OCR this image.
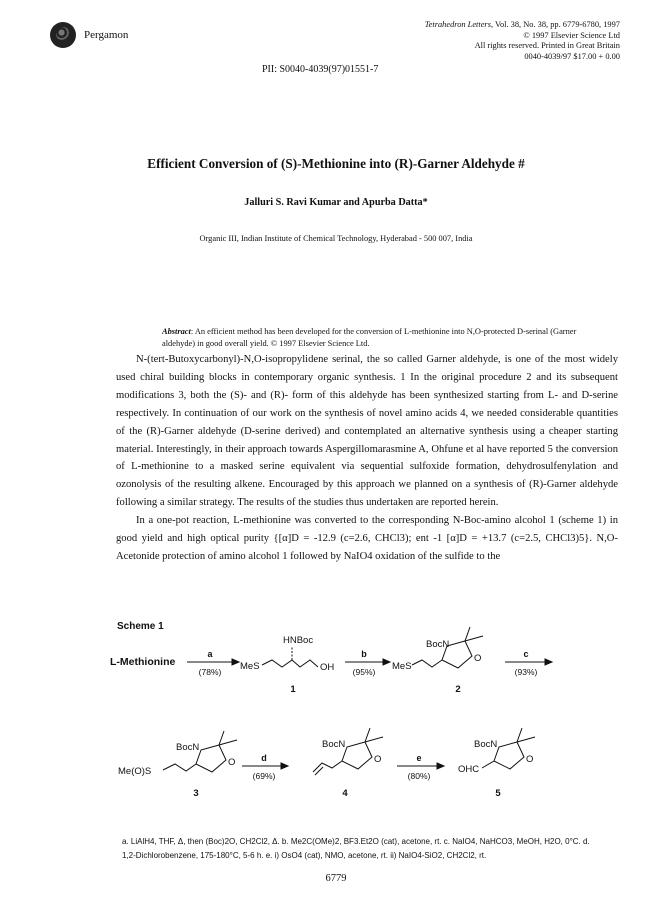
Pergamon
Tetrahedron Letters, Vol. 38, No. 38, pp. 6779-6780, 1997
© 1997 Elsevier Science Ltd
All rights reserved. Printed in Great Britain
0040-4039/97 $17.00 + 0.00
PII: S0040-4039(97)01551-7
Efficient Conversion of (S)-Methionine into (R)-Garner Aldehyde #
Jalluri S. Ravi Kumar and Apurba Datta*
Organic III, Indian Institute of Chemical Technology, Hyderabad - 500 007, India
Abstract: An efficient method has been developed for the conversion of L-methionine into N,O-protected D-serinal (Garner aldehyde) in good overall yield. © 1997 Elsevier Science Ltd.

N-(tert-Butoxycarbonyl)-N,O-isopropylidene serinal, the so called Garner aldehyde, is one of the most widely used chiral building blocks in contemporary organic synthesis. 1 In the original procedure 2 and its subsequent modifications 3, both the (S)- and (R)- form of this aldehyde has been synthesized starting from L- and D-serine respectively. In continuation of our work on the synthesis of novel amino acids 4, we needed considerable quantities of the (R)-Garner aldehyde (D-serine derived) and contemplated an alternative synthesis using a cheaper starting material. Interestingly, in their approach towards Aspergillomarasmine A, Ohfune et al have reported 5 the conversion of L-methionine to a masked serine equivalent via sequential sulfoxide formation, dehydrosulfenylation and ozonolysis of the resulting alkene. Encouraged by this approach we planned on a synthesis of (R)-Garner aldehyde following a similar strategy. The results of the studies thus undertaken are reported herein.

In a one-pot reaction, L-methionine was converted to the corresponding N-Boc-amino alcohol 1 (scheme 1) in good yield and high optical purity {[α]D = -12.9 (c=2.6, CHCl3); ent -1 [α]D = +13.7 (c=2.5, CHCl3)5}. N,O-Acetonide protection of amino alcohol 1 followed by NaIO4 oxidation of the sulfide to the

Scheme 1
L-Methionine
a
(78%) MeS
HNBoc
OH
1
b
(95%) MeS
BocN
O
2
c
(93%)
Me(O)S
BocN
O
3
d
(69%)
BocN
O
4
e
(80%)
OHC
BocN
O
5
a. LiAlH4, THF, Δ, then (Boc)2O, CH2Cl2, Δ. b. Me2C(OMe)2, BF3.Et2O (cat), acetone, rt. c. NaIO4, NaHCO3, MeOH, H2O, 0°C. d. 1,2-Dichlorobenzene, 175-180°C, 5-6 h. e. i) OsO4 (cat), NMO, acetone, rt. ii) NaIO4-SiO2, CH2Cl2, rt.
6779
